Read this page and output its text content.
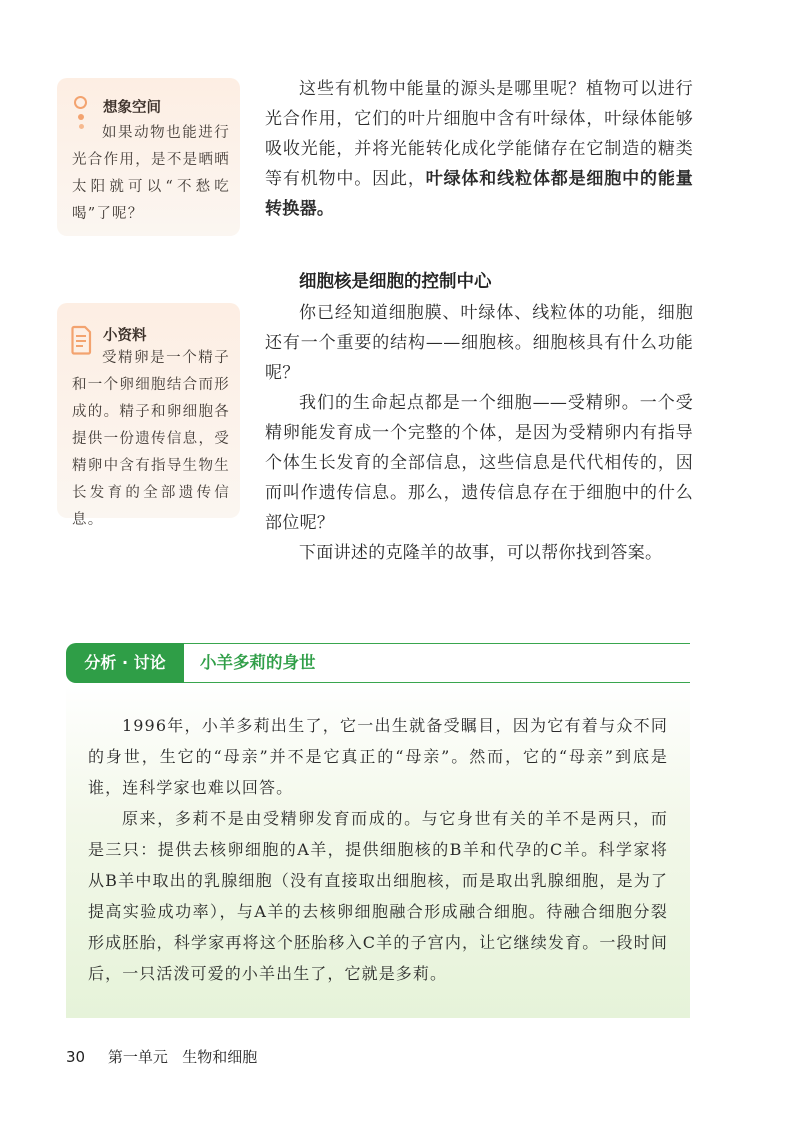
想象空间
如果动物也能进行光合作用，是不是晒晒太阳就可以“不愁吃喝”了呢？
小资料
受精卵是一个精子和一个卵细胞结合而形成的。精子和卵细胞各提供一份遗传信息，受精卵中含有指导生物生长发育的全部遗传信息。

这些有机物中能量的源头是哪里呢？植物可以进行光合作用，它们的叶片细胞中含有叶绿体，叶绿体能够吸收光能，并将光能转化成化学能储存在它制造的糖类等有机物中。因此，叶绿体和线粒体都是细胞中的能量转换器。

细胞核是细胞的控制中心

你已经知道细胞膜、叶绿体、线粒体的功能，细胞还有一个重要的结构——细胞核。细胞核具有什么功能呢？

我们的生命起点都是一个细胞——受精卵。一个受精卵能发育成一个完整的个体，是因为受精卵内有指导个体生长发育的全部信息，这些信息是代代相传的，因而叫作遗传信息。那么，遗传信息存在于细胞中的什么部位呢？

下面讲述的克隆羊的故事，可以帮你找到答案。

分析 · 讨论	小羊多莉的身世

1996年，小羊多莉出生了，它一出生就备受瞩目，因为它有着与众不同的身世，生它的“母亲”并不是它真正的“母亲”。然而，它的“母亲”到底是谁，连科学家也难以回答。

原来，多莉不是由受精卵发育而成的。与它身世有关的羊不是两只，而是三只：提供去核卵细胞的A羊，提供细胞核的B羊和代孕的C羊。科学家将从B羊中取出的乳腺细胞（没有直接取出细胞核，而是取出乳腺细胞，是为了提高实验成功率），与A羊的去核卵细胞融合形成融合细胞。待融合细胞分裂形成胚胎，科学家再将这个胚胎移入C羊的子宫内，让它继续发育。一段时间后，一只活泼可爱的小羊出生了，它就是多莉。

30 第一单元 生物和细胞
